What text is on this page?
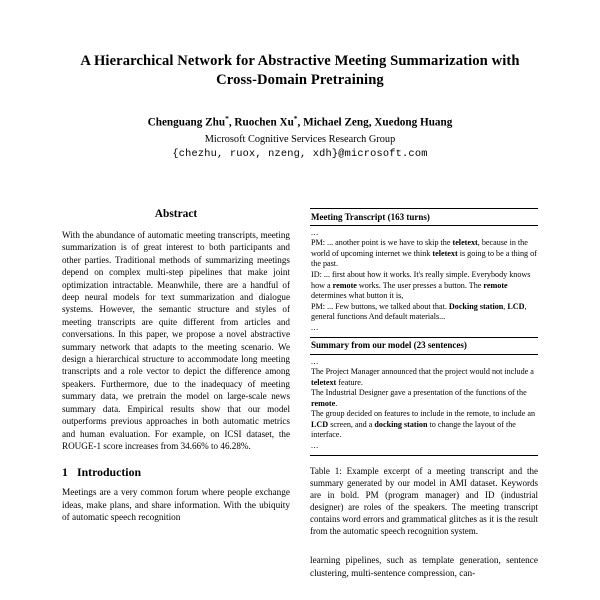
A Hierarchical Network for Abstractive Meeting Summarization with Cross-Domain Pretraining
Chenguang Zhu*, Ruochen Xu*, Michael Zeng, Xuedong Huang
Microsoft Cognitive Services Research Group
{chezhu, ruox, nzeng, xdh}@microsoft.com
Abstract

With the abundance of automatic meeting transcripts, meeting summarization is of great interest to both participants and other parties. Traditional methods of summarizing meetings depend on complex multi-step pipelines that make joint optimization intractable. Meanwhile, there are a handful of deep neural models for text summarization and dialogue systems. However, the semantic structure and styles of meeting transcripts are quite different from articles and conversations. In this paper, we propose a novel abstractive summary network that adapts to the meeting scenario. We design a hierarchical structure to accommodate long meeting transcripts and a role vector to depict the difference among speakers. Furthermore, due to the inadequacy of meeting summary data, we pretrain the model on large-scale news summary data. Empirical results show that our model outperforms previous approaches in both automatic metrics and human evaluation. For example, on ICSI dataset, the ROUGE-1 score increases from 34.66% to 46.28%.

1 Introduction

Meetings are a very common forum where people exchange ideas, make plans, and share information. With the ubiquity of automatic speech recognition

Meeting Transcript (163 turns)
...
PM: ... another point is we have to skip the teletext, because in the world of upcoming internet we think teletext is going to be a thing of the past.
ID: ... first about how it works. It's really simple. Everybody knows how a remote works. The user presses a button. The remote determines what button it is,
PM: ... Few buttons, we talked about that. Docking station, LCD, general functions And default materials...
...
Summary from our model (23 sentences)
...
The Project Manager announced that the project would not include a teletext feature.
The Industrial Designer gave a presentation of the functions of the remote.
The group decided on features to include in the remote, to include an LCD screen, and a docking station to change the layout of the interface.
...

Table 1: Example excerpt of a meeting transcript and the summary generated by our model in AMI dataset. Keywords are in bold. PM (program manager) and ID (industrial designer) are roles of the speakers. The meeting transcript contains word errors and grammatical glitches as it is the result from the automatic speech recognition system.

learning pipelines, such as template generation, sentence clustering, multi-sentence compression, can-
